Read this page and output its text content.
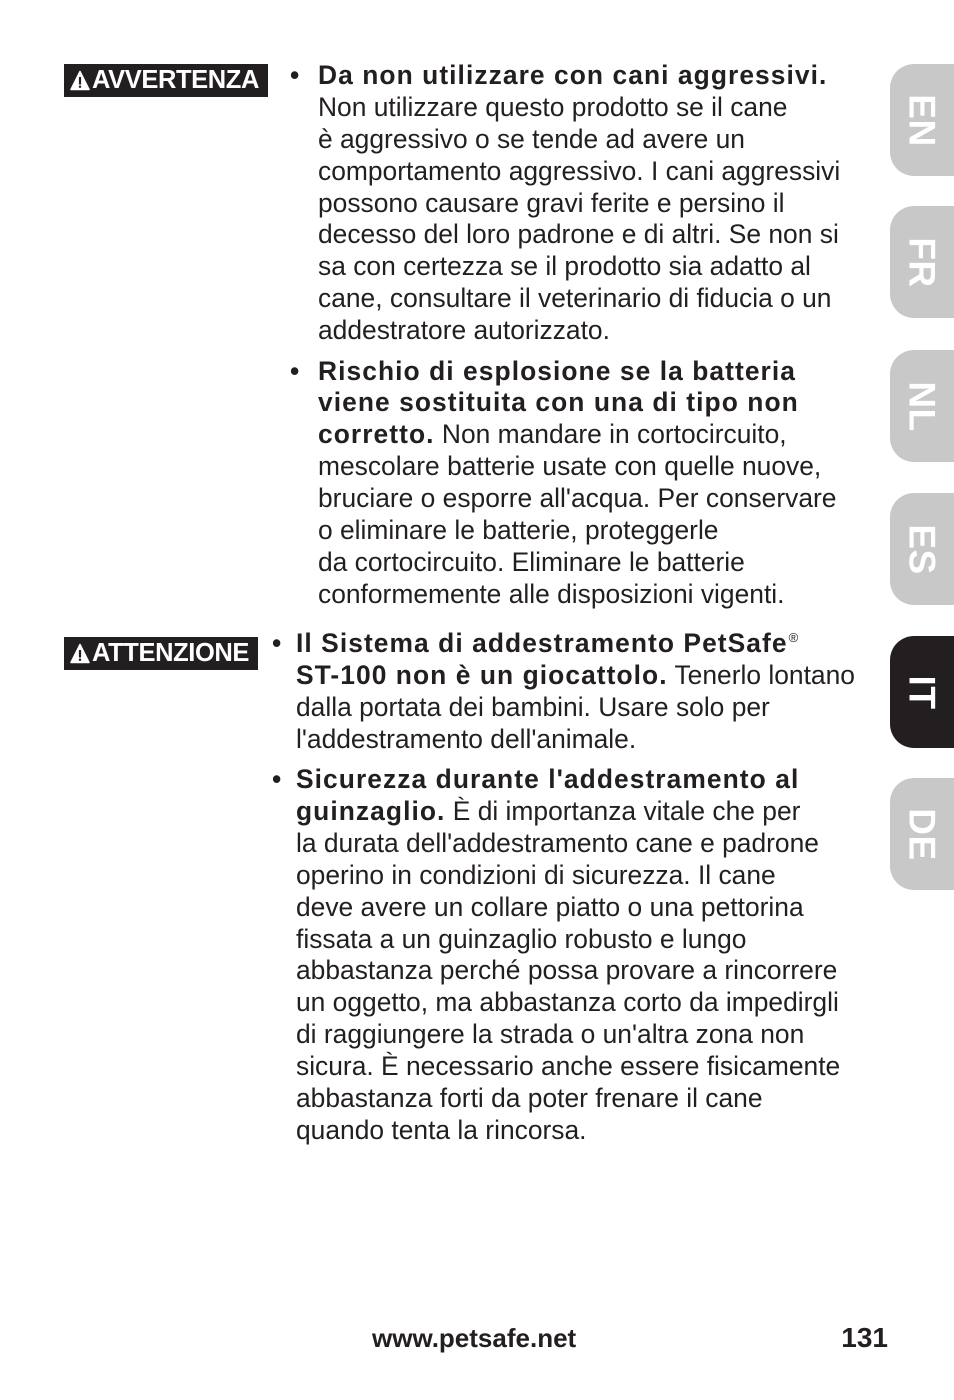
AVVERTENZA
ATTENZIONE
• Da non utilizzare con cani aggressivi.
Non utilizzare questo prodotto se il cane
è aggressivo o se tende ad avere un
comportamento aggressivo. I cani aggressivi
possono causare gravi ferite e persino il
decesso del loro padrone e di altri. Se non si
sa con certezza se il prodotto sia adatto al
cane, consultare il veterinario di fiducia o un
addestratore autorizzato.
• Rischio di esplosione se la batteria
viene sostituita con una di tipo non
corretto. Non mandare in cortocircuito,
mescolare batterie usate con quelle nuove,
bruciare o esporre all'acqua. Per conservare
o eliminare le batterie, proteggerle
da cortocircuito. Eliminare le batterie
conformemente alle disposizioni vigenti.
• Il Sistema di addestramento PetSafe®
ST-100 non è un giocattolo. Tenerlo lontano
dalla portata dei bambini. Usare solo per
l'addestramento dell'animale.
• Sicurezza durante l'addestramento al
guinzaglio. È di importanza vitale che per
la durata dell'addestramento cane e padrone
operino in condizioni di sicurezza. Il cane
deve avere un collare piatto o una pettorina
fissata a un guinzaglio robusto e lungo
abbastanza perché possa provare a rincorrere
un oggetto, ma abbastanza corto da impedirgli
di raggiungere la strada o un'altra zona non
sicura. È necessario anche essere fisicamente
abbastanza forti da poter frenare il cane
quando tenta la rincorsa.
EN
FR
NL
ES
IT
DE
www.petsafe.net	131
